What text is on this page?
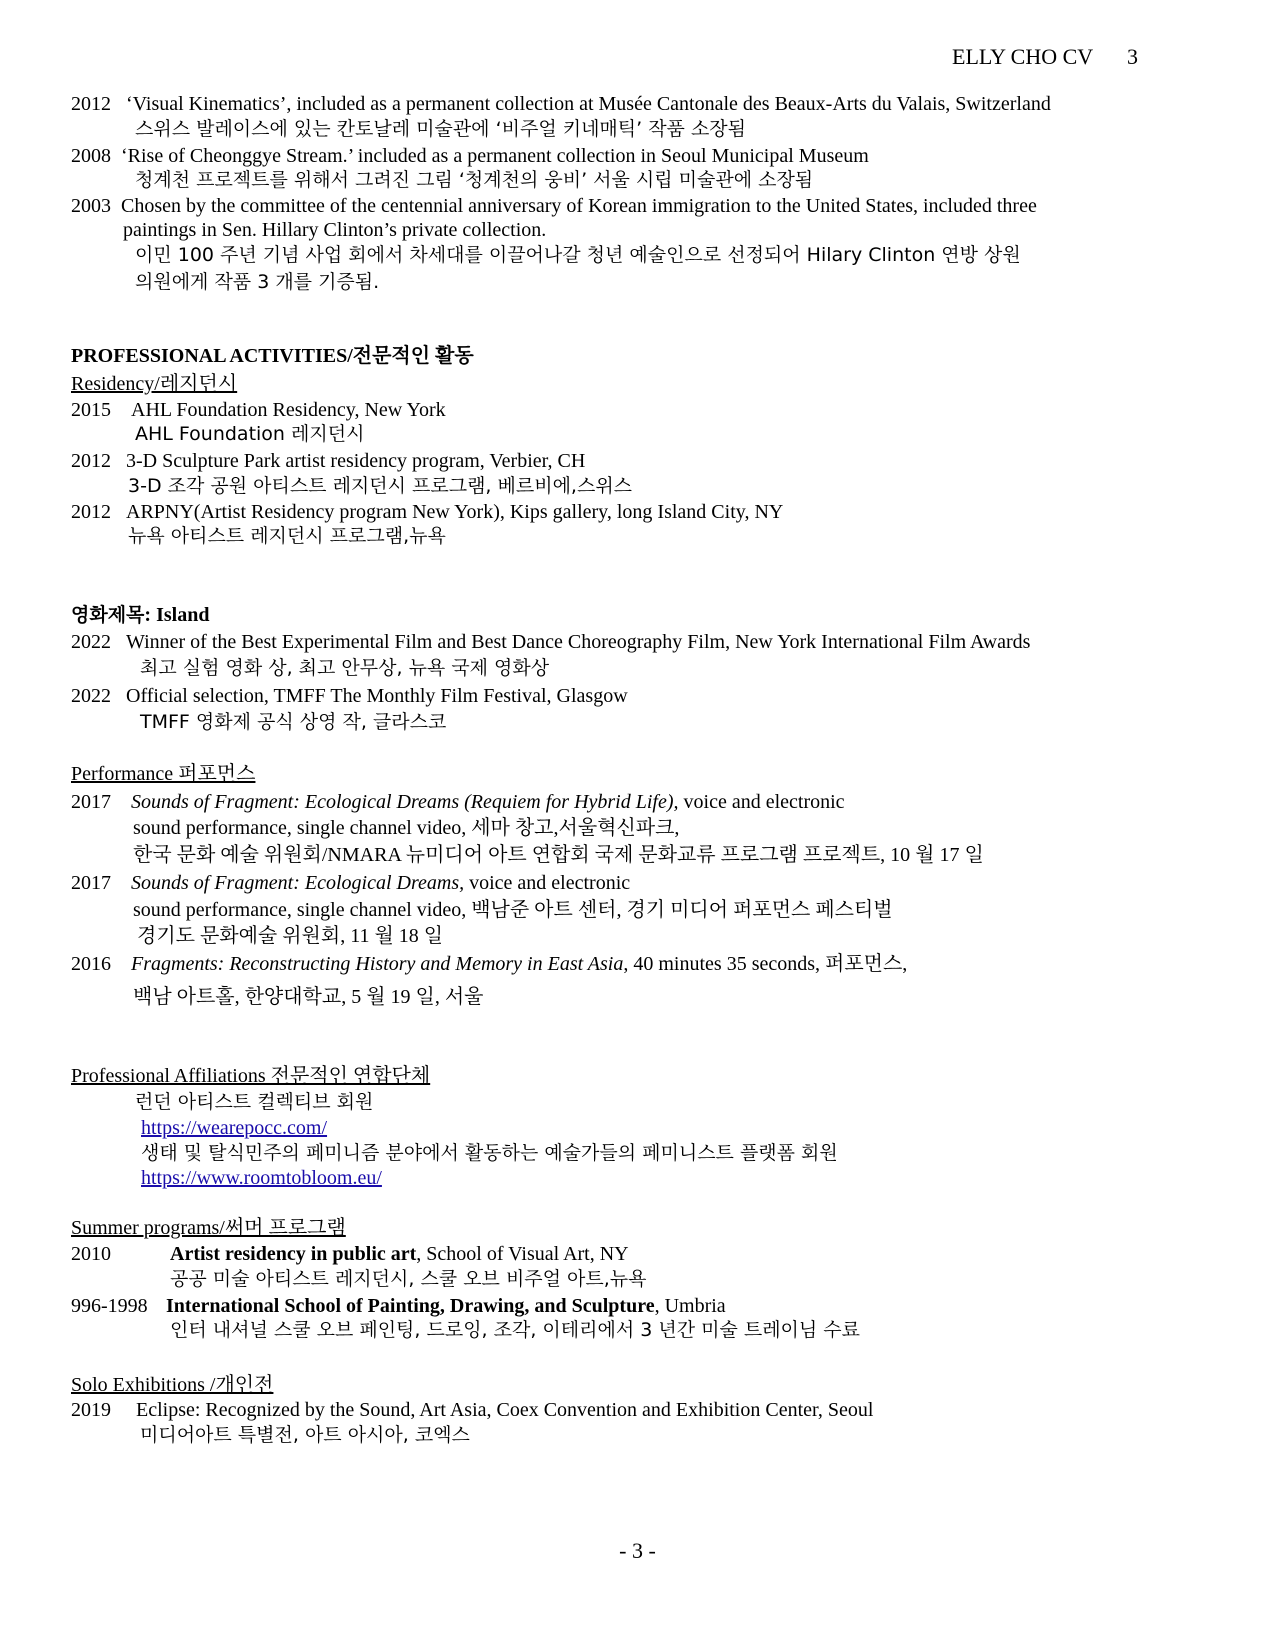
ELLY CHO CV 3
2012 ‘Visual Kinematics’, included as a permanent collection at Musée Cantonale des Beaux-Arts du Valais, Switzerland
스위스 발레이스에 있는 칸토날레 미술관에 ‘비주얼 키네매틱’ 작품 소장됨
2008 ‘Rise of Cheonggye Stream.’ included as a permanent collection in Seoul Municipal Museum
청계천 프로젝트를 위해서 그려진 그림 ‘청계천의 웅비’ 서울 시립 미술관에 소장됨
2003 Chosen by the committee of the centennial anniversary of Korean immigration to the United States, included three
paintings in Sen. Hillary Clinton’s private collection.
이민 100 주년 기념 사업 회에서 차세대를 이끌어나갈 청년 예술인으로 선정되어 Hilary Clinton 연방 상원
의원에게 작품 3 개를 기증됨.
PROFESSIONAL ACTIVITIES/전문적인 활동
Residency/레지던시
2015 AHL Foundation Residency, New York
AHL Foundation 레지던시
2012 3-D Sculpture Park artist residency program, Verbier, CH
3-D 조각 공원 아티스트 레지던시 프로그램, 베르비에,스위스
2012 ARPNY(Artist Residency program New York), Kips gallery, long Island City, NY
뉴욕 아티스트 레지던시 프로그램,뉴욕
영화제목: Island
2022 Winner of the Best Experimental Film and Best Dance Choreography Film, New York International Film Awards
최고 실험 영화 상, 최고 안무상, 뉴욕 국제 영화상
2022 Official selection, TMFF The Monthly Film Festival, Glasgow
TMFF 영화제 공식 상영 작, 글라스코
Performance 퍼포먼스
2017 Sounds of Fragment: Ecological Dreams (Requiem for Hybrid Life), voice and electronic
sound performance, single channel video, 세마 창고,서울혁신파크,
한국 문화 예술 위원회/NMARA 뉴미디어 아트 연합회 국제 문화교류 프로그램 프로젝트, 10 월 17 일
2017 Sounds of Fragment: Ecological Dreams, voice and electronic
sound performance, single channel video, 백남준 아트 센터, 경기 미디어 퍼포먼스 페스티벌
경기도 문화예술 위원회, 11 월 18 일
2016 Fragments: Reconstructing History and Memory in East Asia, 40 minutes 35 seconds, 퍼포먼스,
백남 아트홀, 한양대학교, 5 월 19 일, 서울
Professional Affiliations 전문적인 연합단체
런던 아티스트 컬렉티브 회원
https://wearepocc.com/
생태 및 탈식민주의 페미니즘 분야에서 활동하는 예술가들의 페미니스트 플랫폼 회원
https://www.roomtobloom.eu/
Summer programs/써머 프로그램
2010	Artist residency in public art, School of Visual Art, NY
공공 미술 아티스트 레지던시, 스쿨 오브 비주얼 아트,뉴욕
996-1998 International School of Painting, Drawing, and Sculpture, Umbria
인터 내셔널 스쿨 오브 페인팅, 드로잉, 조각, 이테리에서 3 년간 미술 트레이님 수료
Solo Exhibitions /개인전
2019 Eclipse: Recognized by the Sound, Art Asia, Coex Convention and Exhibition Center, Seoul
미디어아트 특별전, 아트 아시아, 코엑스
- 3 -
